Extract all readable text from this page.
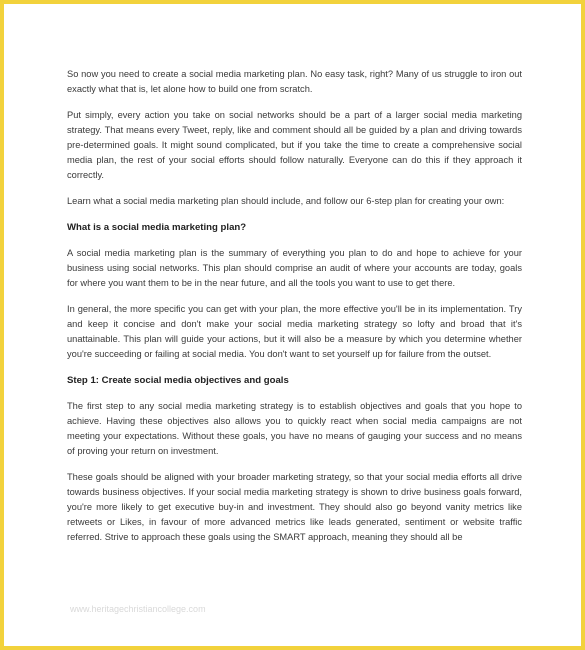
So now you need to create a social media marketing plan. No easy task, right? Many of us struggle to iron out exactly what that is, let alone how to build one from scratch.

Put simply, every action you take on social networks should be a part of a larger social media marketing strategy. That means every Tweet, reply, like and comment should all be guided by a plan and driving towards pre-determined goals. It might sound complicated, but if you take the time to create a comprehensive social media plan, the rest of your social efforts should follow naturally. Everyone can do this if they approach it correctly.

Learn what a social media marketing plan should include, and follow our 6-step plan for creating your own:

What is a social media marketing plan?

A social media marketing plan is the summary of everything you plan to do and hope to achieve for your business using social networks. This plan should comprise an audit of where your accounts are today, goals for where you want them to be in the near future, and all the tools you want to use to get there.

In general, the more specific you can get with your plan, the more effective you'll be in its implementation. Try and keep it concise and don't make your social media marketing strategy so lofty and broad that it's unattainable. This plan will guide your actions, but it will also be a measure by which you determine whether you're succeeding or failing at social media. You don't want to set yourself up for failure from the outset.

Step 1: Create social media objectives and goals

The first step to any social media marketing strategy is to establish objectives and goals that you hope to achieve. Having these objectives also allows you to quickly react when social media campaigns are not meeting your expectations. Without these goals, you have no means of gauging your success and no means of proving your return on investment.

These goals should be aligned with your broader marketing strategy, so that your social media efforts all drive towards business objectives. If your social media marketing strategy is shown to drive business goals forward, you're more likely to get executive buy-in and investment. They should also go beyond vanity metrics like retweets or Likes, in favour of more advanced metrics like leads generated, sentiment or website traffic referred. Strive to approach these goals using the SMART approach, meaning they should all be

www.heritagechristiancollege.com
